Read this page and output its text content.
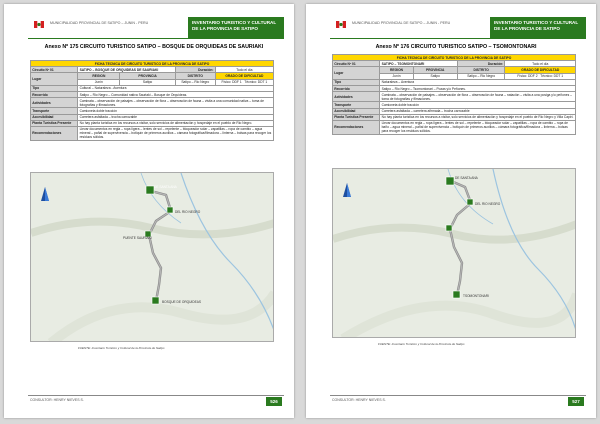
MUNICIPALIDAD PROVINCIAL DE SATIPO – JUNIN - PERU	INVENTARIO TURISTICO Y CULTURAL DE LA PROVINCIA DE SATIPO
Anexo Nº 175 CIRCUITO TURISTICO SATIPO – BOSQUE DE ORQUIDEAS DE SAURIAKI
FICHA TECNICA DE CIRCUITO TURISTICO DE LA PROVINCIA DE SATIPO				
Circuito Nº 01	SATIPO – BOSQUE DE ORQUIDEAS DE SAURIAKI		Duración:	Todo el día
Lugar	REGION	PROVINCIA	DISTRITO	GRADO DE DIFICULTAD
	Junín	Satipo	Satipo – Rio Negro	Físico: DDF 1 Técnico: DDT 1
Tipo	Cultural – Naturaleza - Aventura			
Recorrido	Satipo – Rio Negro – Comunidad nativa Sauriaki – Bosque de Orquídeas.			
Actividades	Caminata – observación de paisajes – observación de flora – observación de fauna – visita a una comunidad nativa – toma de fotografías y filmaciones.			
Transporte	Camioneta doble tracción			
Accesibilidad	Carretera asfaltada – trocha carrozable			
Planta Turística Presente	No hay planta turística en los recursos a visitar, solo servicios de alimentación y hospedaje en el pueblo de Rio Negro.			
Recomendaciones	Llevar documentos en regla – ropa ligera – lentes de sol – repelente – bloqueador solar – zapatillas – ropa de cambio – agua mineral – pañal de supervivencia – botiquín de primeros auxilios – cámara fotográfica/filmadora – linterna – bolsas para recoger los residuos sólidos.			
DE SANTA ANA
DEL RIO NEGRO
PUENTE SAURIAKI
BOSQUE DE ORQUIDEAS
FUENTE: Inventario Turístico y Cultural de la Provincia de Satipo
CONSULTOR: HENRY NIEVES S.	526
MUNICIPALIDAD PROVINCIAL DE SATIPO – JUNIN - PERU	INVENTARIO TURISTICO Y CULTURAL DE LA PROVINCIA DE SATIPO
Anexo Nº 176 CIRCUITO TURISTICO SATIPO – TSOMONTONARI
FICHA TECNICA DE CIRCUITO TURISTICO DE LA PROVINCIA DE SATIPO				
Circuito Nº 01	SATIPO – TSOMONTONARI		Duración:	Todo el día
Lugar	REGION	PROVINCIA	DISTRITO	GRADO DE DIFICULTAD
	Junín	Satipo	Satipo – Rio Negro	Físico: DDF 2 Técnico: DDT 1
Tipo	Naturaleza – Aventura			
Recorrido	Satipo – Rio Negro – Tsomontonari – Pozas y/o Peñones.			
Actividades	Caminata – observación de paisajes – observación de flora – observación de fauna – natación – visita a una posiga y/o peñones – toma de fotografías y filmaciones.			
Transporte	Camioneta doble tracción			
Accesibilidad	Carretera asfaltada – carretera afirmada – trocha carrozable			
Planta Turística Presente	No hay planta turística en los recursos a visitar, solo servicios de alimentación y hospedaje en el pueblo de Rio Negro y Villa Capiri.			
Recomendaciones	Llevar documentos en regla – ropa ligera – lentes de sol – repelente – bloqueador solar – zapatillas – ropa de cambio – ropa de baño – agua mineral – pañal de supervivencia – botiquín de primeros auxilios – cámara fotográfica/filmadora – linterna – bolsas para recoger los residuos sólidos.			
DE SANTA ANA
DEL RIO NEGRO
TSOMONTONARI
FUENTE: Inventario Turístico y Cultural de la Provincia de Satipo
CONSULTOR: HENRY NIEVES S.	527
